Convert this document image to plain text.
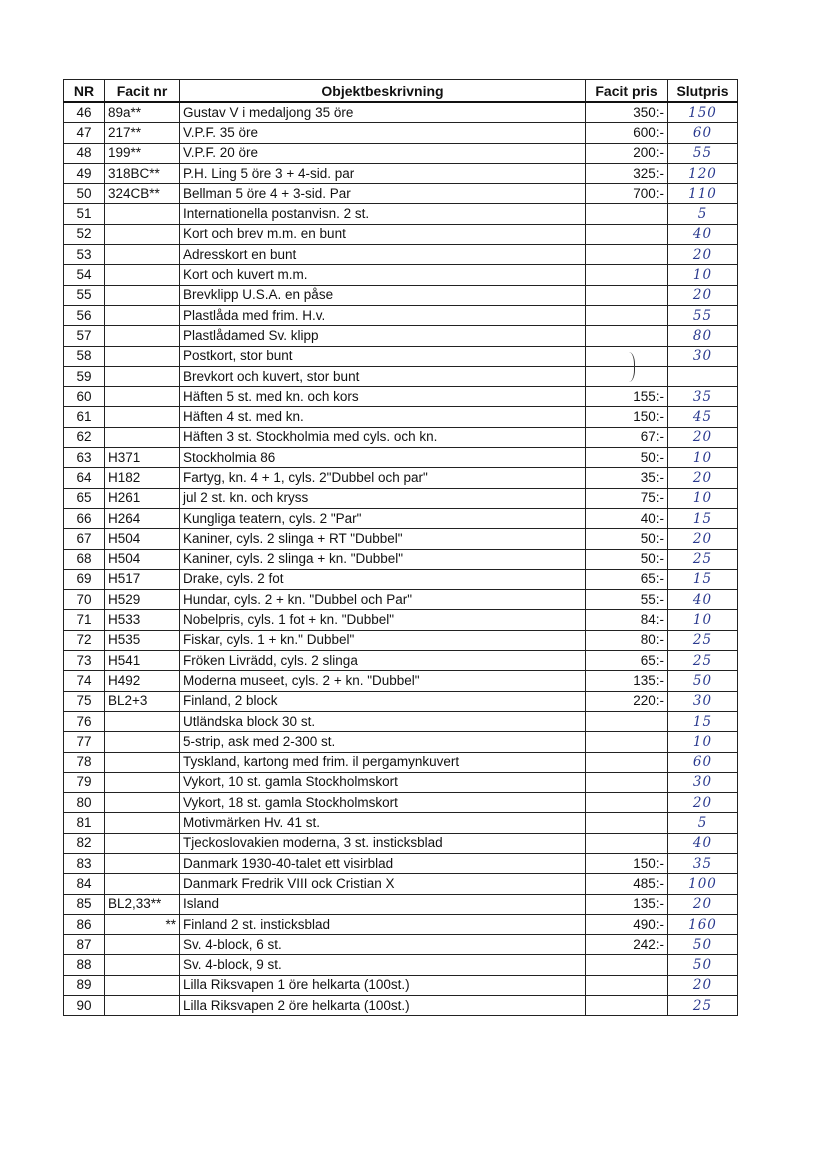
NR	Facit nr	Objektbeskrivning	Facit pris	Slutpris
46	89a**	Gustav V i medaljong 35 öre	350:-	150
47	217**	V.P.F. 35 öre	600:-	60
48	199**	V.P.F. 20 öre	200:-	55
49	318BC**	P.H. Ling 5 öre 3 + 4-sid. par	325:-	120
50	324CB**	Bellman 5 öre 4 + 3-sid. Par	700:-	110
51		Internationella postanvisn. 2 st.		5
52		Kort och brev m.m. en bunt		40
53		Adresskort en bunt		20
54		Kort och kuvert m.m.		10
55		Brevklipp U.S.A. en påse		20
56		Plastlåda med frim. H.v.		55
57		Plastlådamed Sv. klipp		80
58		Postkort, stor bunt		30
59		Brevkort och kuvert, stor bunt		
60		Häften 5 st. med kn. och kors	155:-	35
61		Häften 4 st. med kn.	150:-	45
62		Häften 3 st. Stockholmia med cyls. och kn.	67:-	20
63	H371	Stockholmia 86	50:-	10
64	H182	Fartyg, kn. 4 + 1, cyls. 2"Dubbel och par"	35:-	20
65	H261	jul 2 st. kn. och kryss	75:-	10
66	H264	Kungliga teatern, cyls. 2 "Par"	40:-	15
67	H504	Kaniner, cyls. 2 slinga + RT "Dubbel"	50:-	20
68	H504	Kaniner, cyls. 2 slinga + kn. "Dubbel"	50:-	25
69	H517	Drake, cyls. 2 fot	65:-	15
70	H529	Hundar, cyls. 2 + kn. "Dubbel och Par"	55:-	40
71	H533	Nobelpris, cyls. 1 fot + kn. "Dubbel"	84:-	10
72	H535	Fiskar, cyls. 1 + kn." Dubbel"	80:-	25
73	H541	Fröken Livrädd, cyls. 2 slinga	65:-	25
74	H492	Moderna museet, cyls. 2 + kn. "Dubbel"	135:-	50
75	BL2+3	Finland, 2 block	220:-	30
76		Utländska block 30 st.		15
77		5-strip, ask med 2-300 st.		10
78		Tyskland, kartong med frim. il pergamynkuvert		60
79		Vykort, 10 st. gamla Stockholmskort		30
80		Vykort, 18 st. gamla Stockholmskort		20
81		Motivmärken Hv. 41 st.		5
82		Tjeckoslovakien moderna, 3 st. insticksblad		40
83		Danmark 1930-40-talet ett visirblad	150:-	35
84		Danmark Fredrik VIII ock Cristian X	485:-	100
85	BL2,33**	Island	135:-	20
86	**	Finland 2 st. insticksblad	490:-	160
87		Sv. 4-block, 6 st.	242:-	50
88		Sv. 4-block, 9 st.		50
89		Lilla Riksvapen 1 öre helkarta (100st.)		20
90		Lilla Riksvapen 2 öre helkarta (100st.)		25
